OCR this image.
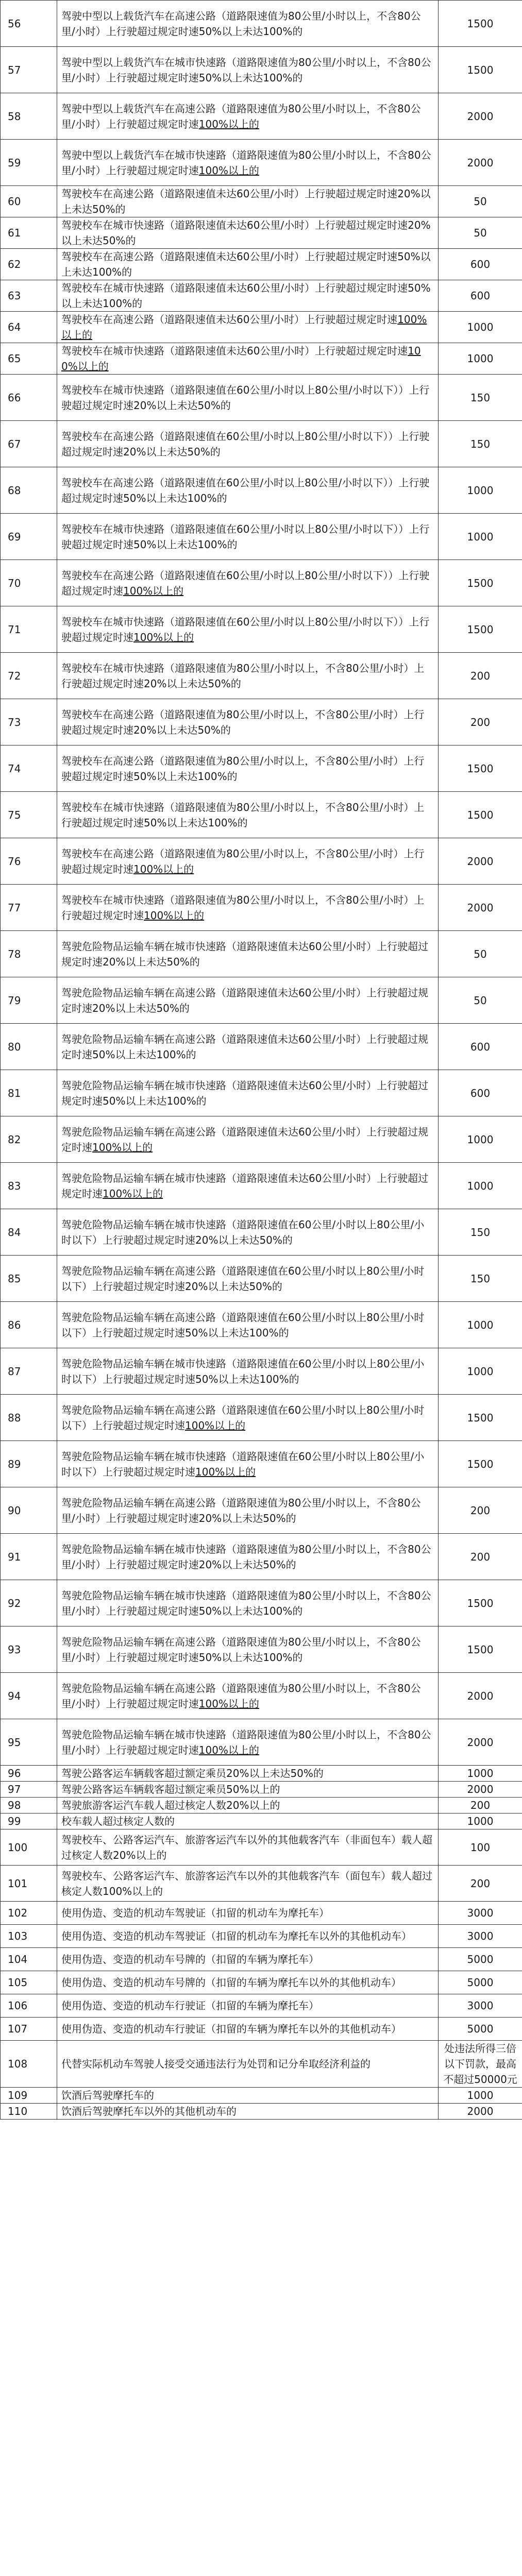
56	驾驶中型以上载货汽车在高速公路（道路限速值为80公里/小时以上，不含80公里/小时）上行驶超过规定时速50%以上未达100%的	1500
57	驾驶中型以上载货汽车在城市快速路（道路限速值为80公里/小时以上，不含80公里/小时）上行驶超过规定时速50%以上未达100%的	1500
58	驾驶中型以上载货汽车在高速公路（道路限速值为80公里/小时以上，不含80公里/小时）上行驶超过规定时速100%以上的	2000
59	驾驶中型以上载货汽车在城市快速路（道路限速值为80公里/小时以上，不含80公里/小时）上行驶超过规定时速100%以上的	2000
60	驾驶校车在高速公路（道路限速值未达60公里/小时）上行驶超过规定时速20%以上未达50%的	50
61	驾驶校车在城市快速路（道路限速值未达60公里/小时）上行驶超过规定时速20%以上未达50%的	50
62	驾驶校车在高速公路（道路限速值未达60公里/小时）上行驶超过规定时速50%以上未达100%的	600
63	驾驶校车在城市快速路（道路限速值未达60公里/小时）上行驶超过规定时速50%以上未达100%的	600
64	驾驶校车在高速公路（道路限速值未达60公里/小时）上行驶超过规定时速100%以上的	1000
65	驾驶校车在城市快速路（道路限速值未达60公里/小时）上行驶超过规定时速100%以上的	1000
66	驾驶校车在城市快速路（道路限速值在60公里/小时以上80公里/小时以下））上行驶超过规定时速20%以上未达50%的	150
67	驾驶校车在高速公路（道路限速值在60公里/小时以上80公里/小时以下））上行驶超过规定时速20%以上未达50%的	150
68	驾驶校车在高速公路（道路限速值在60公里/小时以上80公里/小时以下））上行驶超过规定时速50%以上未达100%的	1000
69	驾驶校车在城市快速路（道路限速值在60公里/小时以上80公里/小时以下））上行驶超过规定时速50%以上未达100%的	1000
70	驾驶校车在高速公路（道路限速值在60公里/小时以上80公里/小时以下））上行驶超过规定时速100%以上的	1500
71	驾驶校车在城市快速路（道路限速值在60公里/小时以上80公里/小时以下））上行驶超过规定时速100%以上的	1500
72	驾驶校车在城市快速路（道路限速值为80公里/小时以上，不含80公里/小时）上行驶超过规定时速20%以上未达50%的	200
73	驾驶校车在高速公路（道路限速值为80公里/小时以上，不含80公里/小时）上行驶超过规定时速20%以上未达50%的	200
74	驾驶校车在高速公路（道路限速值为80公里/小时以上，不含80公里/小时）上行驶超过规定时速50%以上未达100%的	1500
75	驾驶校车在城市快速路（道路限速值为80公里/小时以上，不含80公里/小时）上行驶超过规定时速50%以上未达100%的	1500
76	驾驶校车在高速公路（道路限速值为80公里/小时以上，不含80公里/小时）上行驶超过规定时速100%以上的	2000
77	驾驶校车在城市快速路（道路限速值为80公里/小时以上，不含80公里/小时）上行驶超过规定时速100%以上的	2000
78	驾驶危险物品运输车辆在城市快速路（道路限速值未达60公里/小时）上行驶超过规定时速20%以上未达50%的	50
79	驾驶危险物品运输车辆在高速公路（道路限速值未达60公里/小时）上行驶超过规定时速20%以上未达50%的	50
80	驾驶危险物品运输车辆在高速公路（道路限速值未达60公里/小时）上行驶超过规定时速50%以上未达100%的	600
81	驾驶危险物品运输车辆在城市快速路（道路限速值未达60公里/小时）上行驶超过规定时速50%以上未达100%的	600
82	驾驶危险物品运输车辆在高速公路（道路限速值未达60公里/小时）上行驶超过规定时速100%以上的	1000
83	驾驶危险物品运输车辆在城市快速路（道路限速值未达60公里/小时）上行驶超过规定时速100%以上的	1000
84	驾驶危险物品运输车辆在城市快速路（道路限速值在60公里/小时以上80公里/小时以下）上行驶超过规定时速20%以上未达50%的	150
85	驾驶危险物品运输车辆在高速公路（道路限速值在60公里/小时以上80公里/小时以下）上行驶超过规定时速20%以上未达50%的	150
86	驾驶危险物品运输车辆在高速公路（道路限速值在60公里/小时以上80公里/小时以下）上行驶超过规定时速50%以上未达100%的	1000
87	驾驶危险物品运输车辆在城市快速路（道路限速值在60公里/小时以上80公里/小时以下）上行驶超过规定时速50%以上未达100%的	1000
88	驾驶危险物品运输车辆在高速公路（道路限速值在60公里/小时以上80公里/小时以下）上行驶超过规定时速100%以上的	1500
89	驾驶危险物品运输车辆在城市快速路（道路限速值在60公里/小时以上80公里/小时以下）上行驶超过规定时速100%以上的	1500
90	驾驶危险物品运输车辆在高速公路（道路限速值为80公里/小时以上，不含80公里/小时）上行驶超过规定时速20%以上未达50%的	200
91	驾驶危险物品运输车辆在城市快速路（道路限速值为80公里/小时以上，不含80公里/小时）上行驶超过规定时速20%以上未达50%的	200
92	驾驶危险物品运输车辆在城市快速路（道路限速值为80公里/小时以上，不含80公里/小时）上行驶超过规定时速50%以上未达100%的	1500
93	驾驶危险物品运输车辆在高速公路（道路限速值为80公里/小时以上，不含80公里/小时）上行驶超过规定时速50%以上未达100%的	1500
94	驾驶危险物品运输车辆在高速公路（道路限速值为80公里/小时以上，不含80公里/小时）上行驶超过规定时速100%以上的	2000
95	驾驶危险物品运输车辆在城市快速路（道路限速值为80公里/小时以上，不含80公里/小时）上行驶超过规定时速100%以上的	2000
96	驾驶公路客运车辆载客超过额定乘员20%以上未达50%的	1000
97	驾驶公路客运车辆载客超过额定乘员50%以上的	2000
98	驾驶旅游客运汽车载人超过核定人数20%以上的	200
99	校车载人超过核定人数的	1000
100	驾驶校车、公路客运汽车、旅游客运汽车以外的其他载客汽车（非面包车）载人超过核定人数20%以上的	100
101	驾驶校车、公路客运汽车、旅游客运汽车以外的其他载客汽车（面包车）载人超过核定人数100%以上的	200
102	使用伪造、变造的机动车驾驶证（扣留的机动车为摩托车）	3000
103	使用伪造、变造的机动车驾驶证（扣留的机动车为摩托车以外的其他机动车）	3000
104	使用伪造、变造的机动车号牌的（扣留的车辆为摩托车）	5000
105	使用伪造、变造的机动车号牌的（扣留的车辆为摩托车以外的其他机动车）	5000
106	使用伪造、变造的机动车行驶证（扣留的车辆为摩托车）	3000
107	使用伪造、变造的机动车行驶证（扣留的车辆为摩托车以外的其他机动车）	5000
108	代替实际机动车驾驶人接受交通违法行为处罚和记分牟取经济利益的	处违法所得三倍以下罚款，最高不超过50000元
109	饮酒后驾驶摩托车的	1000
110	饮酒后驾驶摩托车以外的其他机动车的	2000
